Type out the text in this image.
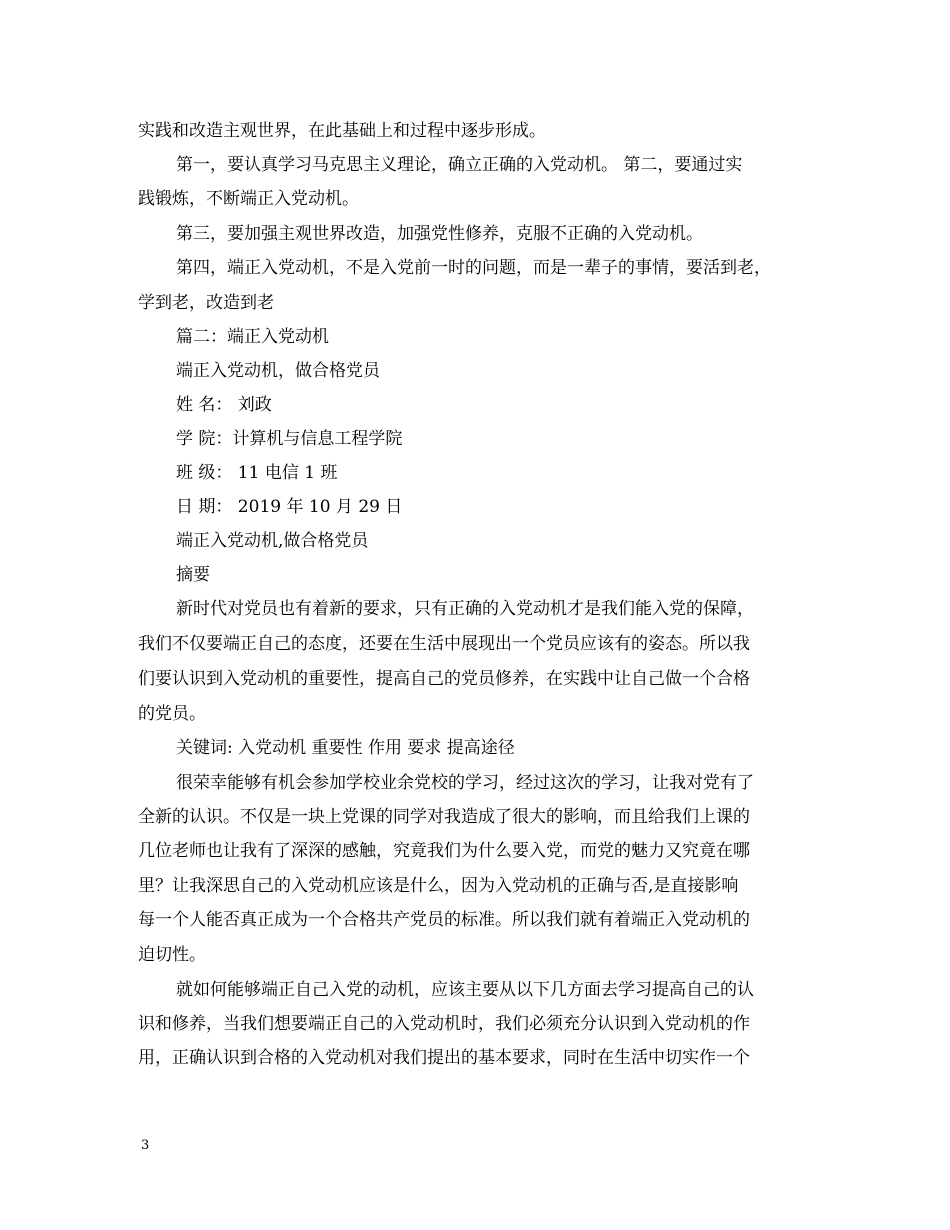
实践和改造主观世界，在此基础上和过程中逐步形成。
第一，要认真学习马克思主义理论，确立正确的入党动机。 第二，要通过实
践锻炼，不断端正入党动机。
第三，要加强主观世界改造，加强党性修养，克服不正确的入党动机。
第四，端正入党动机，不是入党前一时的问题，而是一辈子的事情，要活到老，
学到老，改造到老
篇二：端正入党动机
端正入党动机，做合格党员
姓 名： 刘政
学 院：计算机与信息工程学院
班 级： 11 电信 1 班
日 期： 2019 年 10 月 29 日
端正入党动机,做合格党员
摘要
新时代对党员也有着新的要求，只有正确的入党动机才是我们能入党的保障，
我们不仅要端正自己的态度，还要在生活中展现出一个党员应该有的姿态。所以我
们要认识到入党动机的重要性，提高自己的党员修养，在实践中让自己做一个合格
的党员。
关键词: 入党动机 重要性 作用 要求 提高途径
很荣幸能够有机会参加学校业余党校的学习，经过这次的学习，让我对党有了
全新的认识。不仅是一块上党课的同学对我造成了很大的影响，而且给我们上课的
几位老师也让我有了深深的感触，究竟我们为什么要入党，而党的魅力又究竟在哪
里？让我深思自己的入党动机应该是什么，因为入党动机的正确与否,是直接影响
每一个人能否真正成为一个合格共产党员的标准。所以我们就有着端正入党动机的
迫切性。
就如何能够端正自己入党的动机，应该主要从以下几方面去学习提高自己的认
识和修养，当我们想要端正自己的入党动机时，我们必须充分认识到入党动机的作
用，正确认识到合格的入党动机对我们提出的基本要求，同时在生活中切实作一个
3
